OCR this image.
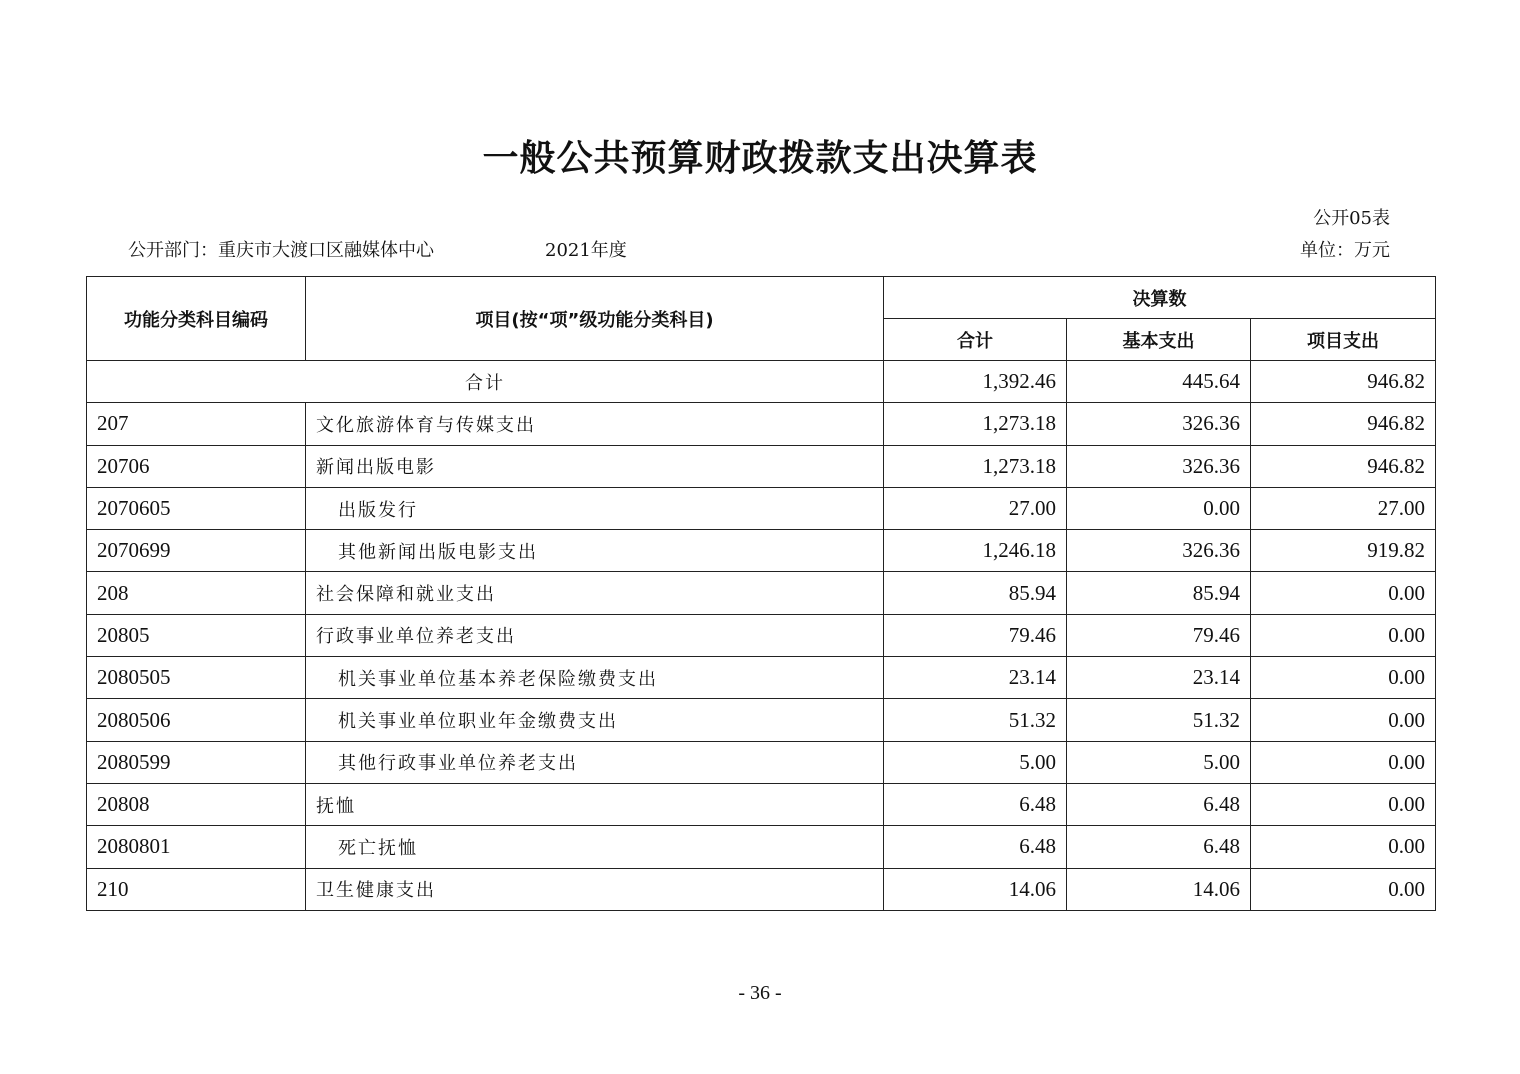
一般公共预算财政拨款支出决算表
公开05表
公开部门：重庆市大渡口区融媒体中心	2021年度	单位：万元
功能分类科目编码	项目(按“项”级功能分类科目)	决算数		
		合计	基本支出	项目支出
合计		1,392.46	445.64	946.82
207	文化旅游体育与传媒支出	1,273.18	326.36	946.82
20706	新闻出版电影	1,273.18	326.36	946.82
2070605	出版发行	27.00	0.00	27.00
2070699	其他新闻出版电影支出	1,246.18	326.36	919.82
208	社会保障和就业支出	85.94	85.94	0.00
20805	行政事业单位养老支出	79.46	79.46	0.00
2080505	机关事业单位基本养老保险缴费支出	23.14	23.14	0.00
2080506	机关事业单位职业年金缴费支出	51.32	51.32	0.00
2080599	其他行政事业单位养老支出	5.00	5.00	0.00
20808	抚恤	6.48	6.48	0.00
2080801	死亡抚恤	6.48	6.48	0.00
210	卫生健康支出	14.06	14.06	0.00
- 36 -
